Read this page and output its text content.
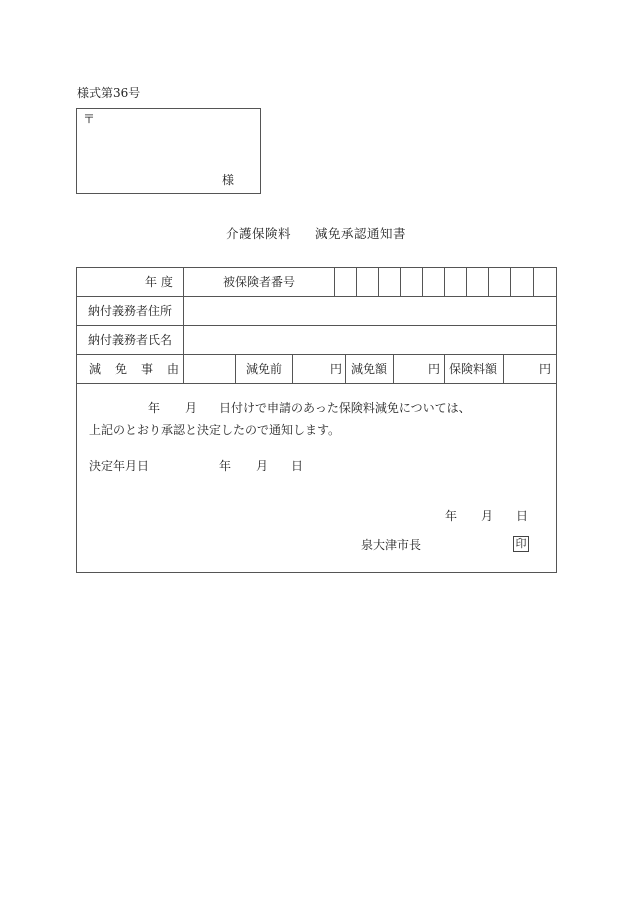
様式第36号
〒
様
介護保険料 減免承認通知書
年 度	被保険者番号
納付義務者住所
納付義務者氏名
減免事由	減免前	円 減免額	円 保険料額	円
年 月 日付けで申請のあった保険料減免については、
上記のとおり承認と決定したので通知します。
決定年月日	年 月 日
年 月 日
泉大津市長	印
